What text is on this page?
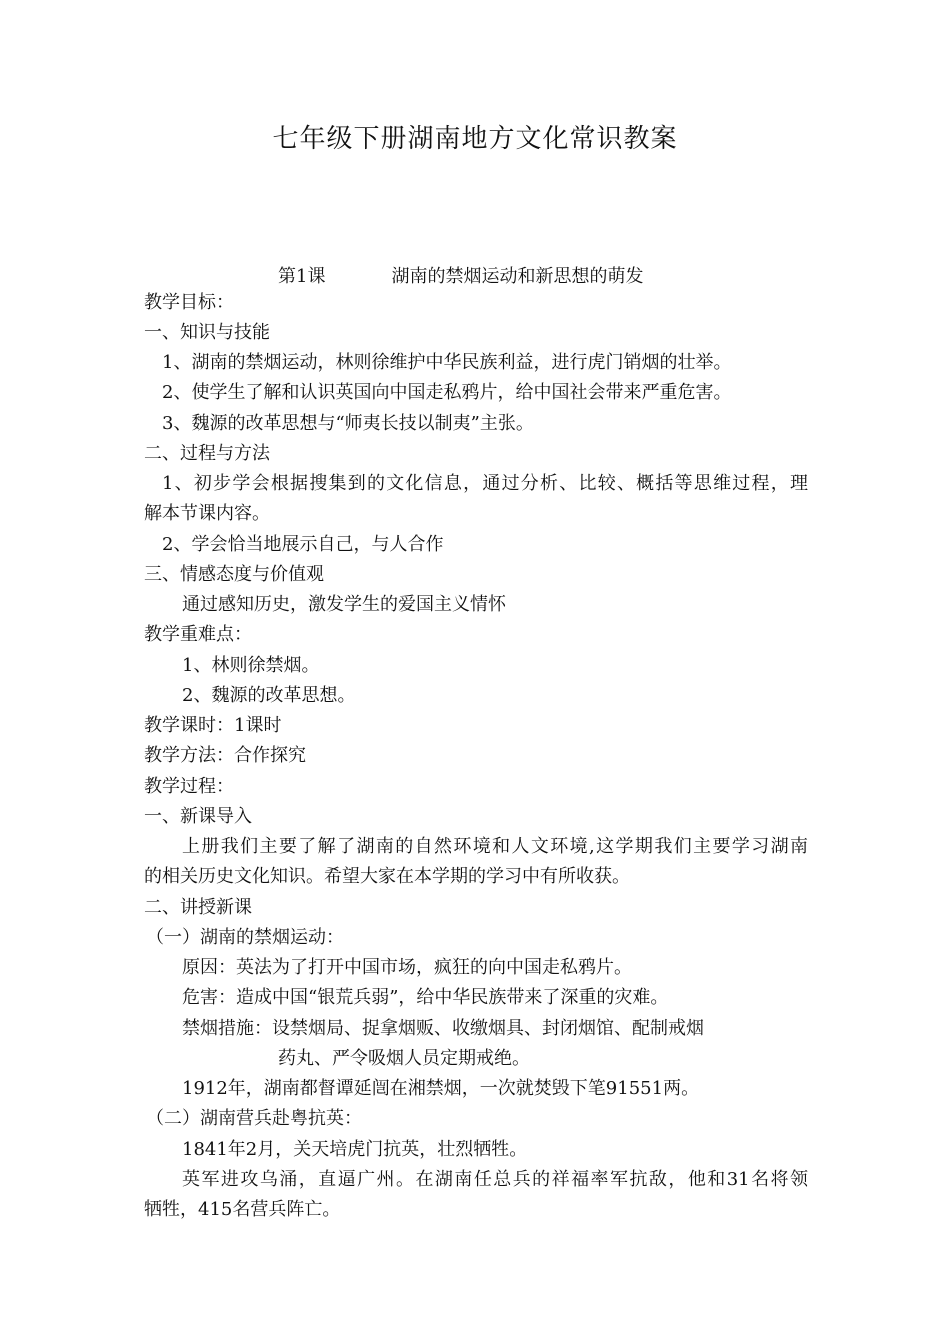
七年级下册湖南地方文化常识教案
第1课	湖南的禁烟运动和新思想的萌发
教学目标：
一、知识与技能
1、湖南的禁烟运动，林则徐维护中华民族利益，进行虎门销烟的壮举。
2、使学生了解和认识英国向中国走私鸦片，给中国社会带来严重危害。
3、魏源的改革思想与“师夷长技以制夷”主张。
二、过程与方法
1、初步学会根据搜集到的文化信息，通过分析、比较、概括等思维过程，理
解本节课内容。
2、学会恰当地展示自己，与人合作
三、情感态度与价值观
通过感知历史，激发学生的爱国主义情怀
教学重难点：
1、林则徐禁烟。
2、魏源的改革思想。
教学课时：1课时
教学方法：合作探究
教学过程：
一、新课导入
上册我们主要了解了湖南的自然环境和人文环境,这学期我们主要学习湖南
的相关历史文化知识。希望大家在本学期的学习中有所收获。
二、讲授新课
（一）湖南的禁烟运动：
原因：英法为了打开中国市场，疯狂的向中国走私鸦片。
危害：造成中国“银荒兵弱”，给中华民族带来了深重的灾难。
禁烟措施：设禁烟局、捉拿烟贩、收缴烟具、封闭烟馆、配制戒烟
药丸、严令吸烟人员定期戒绝。
1912年，湖南都督谭延闿在湘禁烟，一次就焚毁下笔91551两。
（二）湖南营兵赴粤抗英：
1841年2月，关天培虎门抗英，壮烈牺牲。
英军进攻乌涌，直逼广州。在湖南任总兵的祥福率军抗敌，他和31名将领
牺牲，415名营兵阵亡。
